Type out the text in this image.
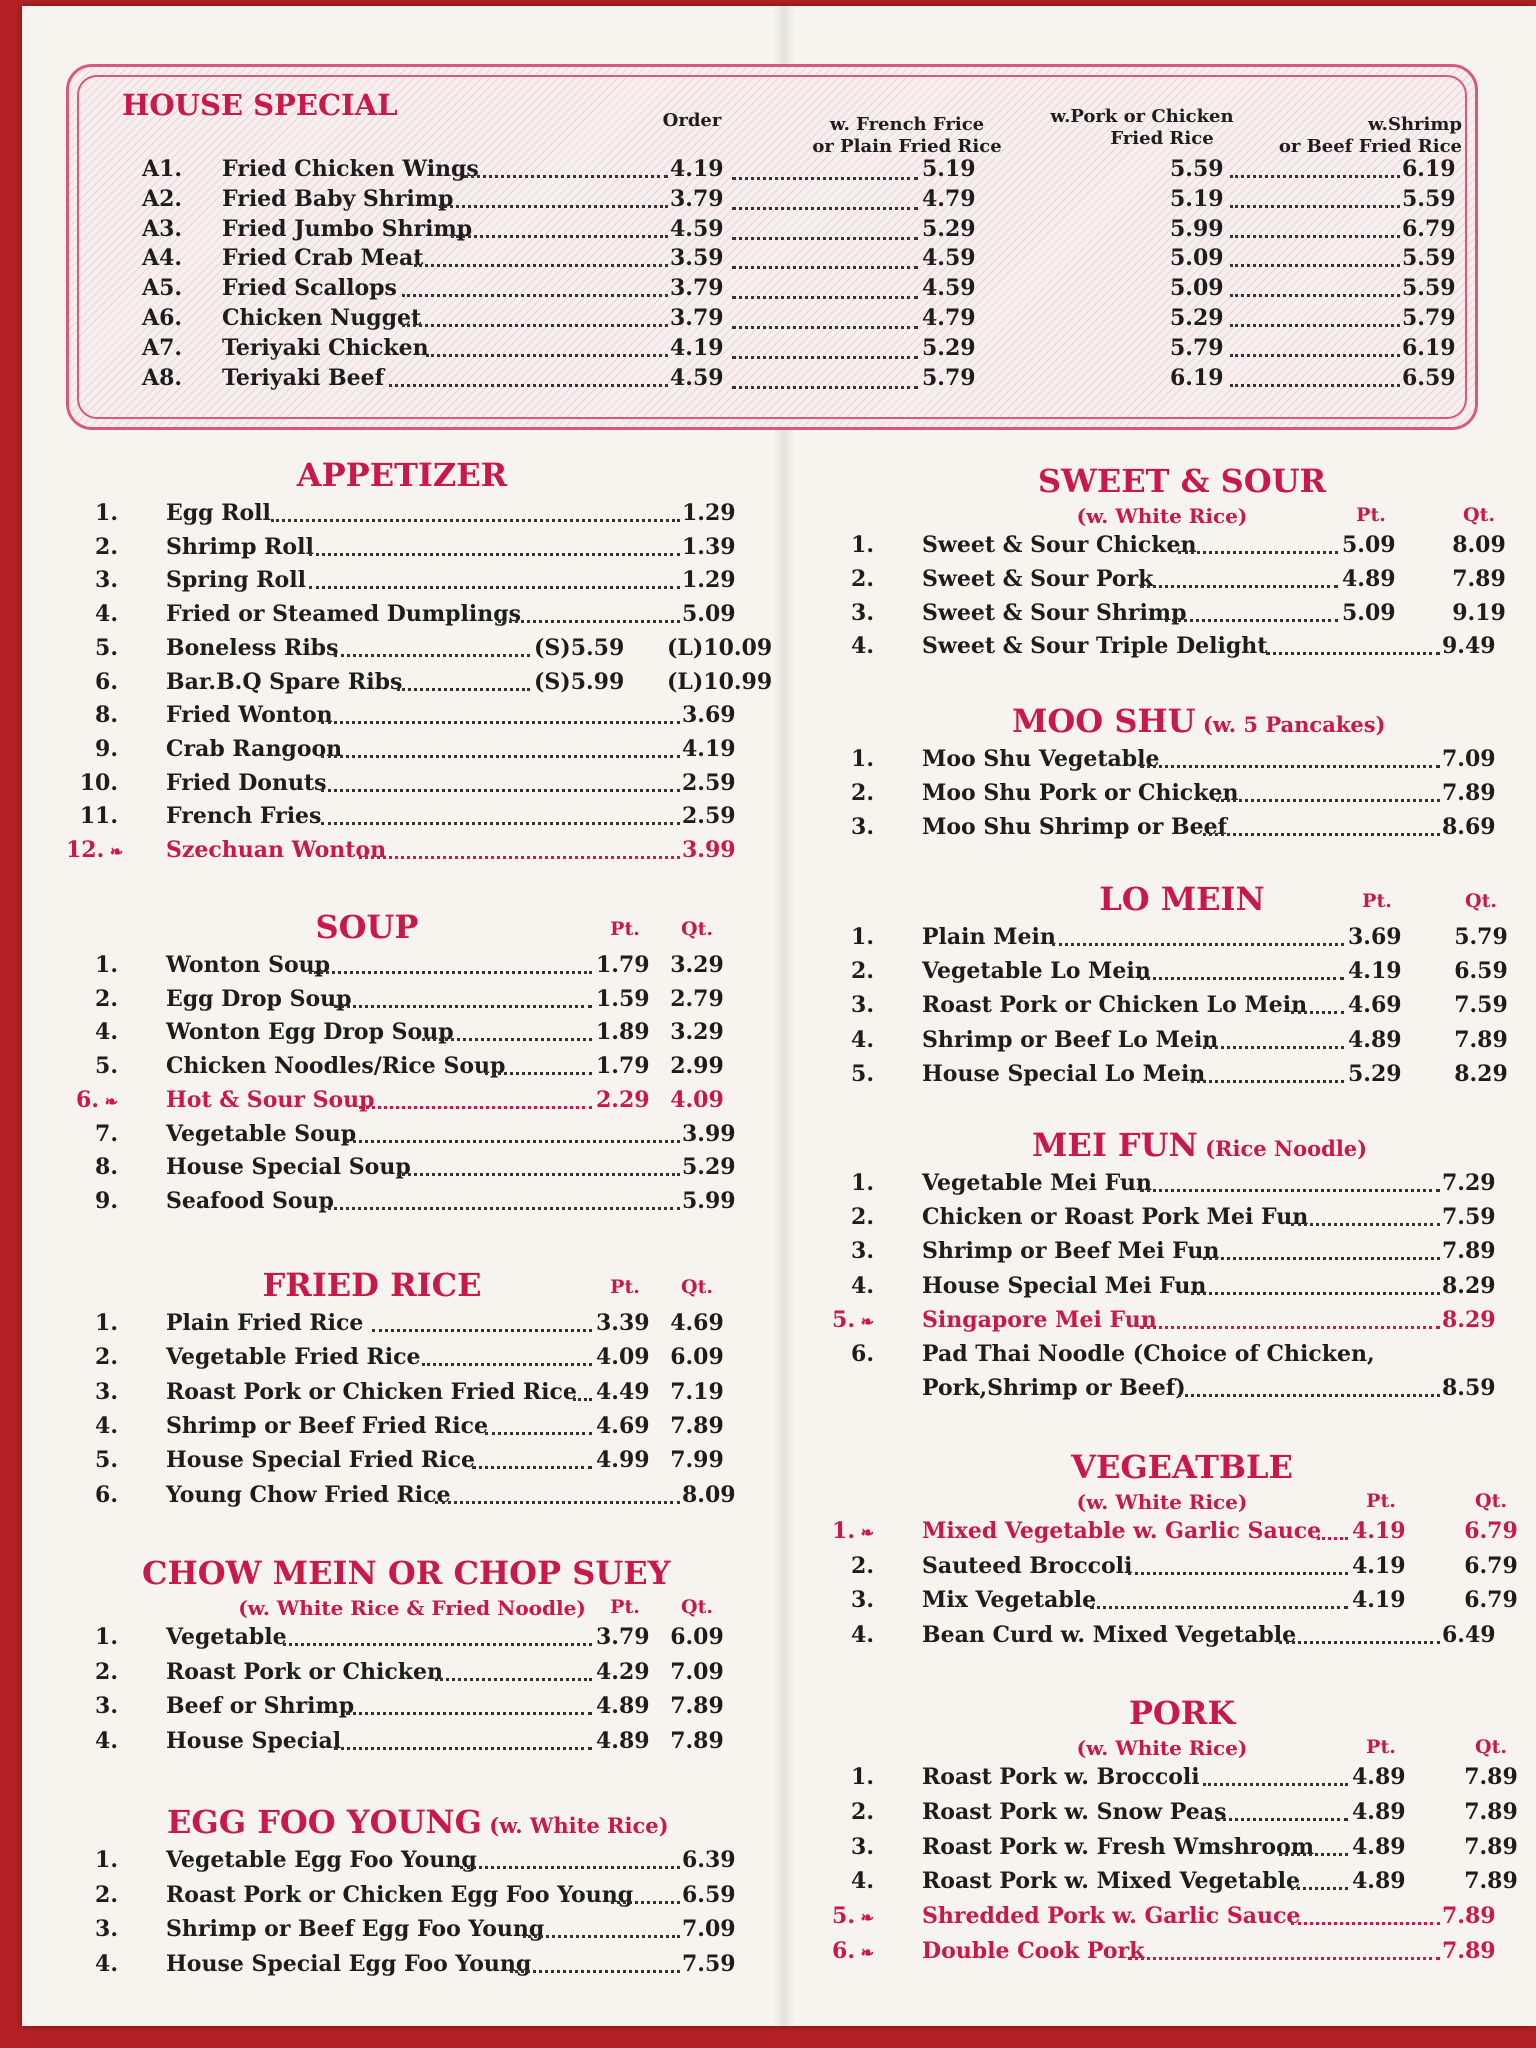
HOUSE SPECIAL	Order	w. French Frice
or Plain Fried Rice
w.Pork or Chicken
Fried Rice
w.Shrimp
or Beef Fried Rice
A1. Fried Chicken Wings	4.19	5.19	5.59	6.19
A2. Fried Baby Shrimp	3.79	4.79	5.19	5.59
A3. Fried Jumbo Shrimp	4.59	5.29	5.99	6.79
A4. Fried Crab Meat	3.59	4.59	5.09	5.59
A5. Fried Scallops	3.79	4.59	5.09	5.59
A6. Chicken Nugget	3.79	4.79	5.29	5.79
A7. Teriyaki Chicken	4.19	5.29	5.79	6.19
A8. Teriyaki Beef	4.59	5.79	6.19	6.59
APPETIZER
1. Egg Roll	1.29
2. Shrimp Roll	1.39
3. Spring Roll	1.29
4. Fried or Steamed Dumplings	5.09
5. Boneless Ribs	(S)5.59 (L)10.09
6. Bar.B.Q Spare Ribs	(S)5.99 (L)10.99
8. Fried Wonton	3.69
9. Crab Rangoon	4.19
10. Fried Donuts	2.59
11. French Fries	2.59
12. ❧ Szechuan Wonton	3.99
SOUP	Pt.	Qt.
1. Wonton Soup	1.79 3.29
2. Egg Drop Soup	1.59 2.79
4. Wonton Egg Drop Soup	1.89 3.29
5. Chicken Noodles/Rice Soup	1.79 2.99
6. ❧ Hot & Sour Soup	2.29 4.09
7. Vegetable Soup	3.99
8. House Special Soup	5.29
9. Seafood Soup	5.99
FRIED RICE	Pt.	Qt.
1. Plain Fried Rice	3.39 4.69
2. Vegetable Fried Rice	4.09 6.09
3. Roast Pork or Chicken Fried Rice 4.49 7.19
4. Shrimp or Beef Fried Rice	4.69 7.89
5. House Special Fried Rice	4.99 7.99
6. Young Chow Fried Rice	8.09
CHOW MEIN OR CHOP SUEY
(w. White Rice & Fried Noodle)	Pt.	Qt.
1. Vegetable	3.79 6.09
2. Roast Pork or Chicken	4.29 7.09
3. Beef or Shrimp	4.89 7.89
4. House Special	4.89 7.89
EGG FOO YOUNG (w. White Rice)
1. Vegetable Egg Foo Young	6.39
2. Roast Pork or Chicken Egg Foo Young 6.59
3. Shrimp or Beef Egg Foo Young	7.09
4. House Special Egg Foo Young	7.59
SWEET & SOUR
(w. White Rice)	Pt.	Qt.
1. Sweet & Sour Chicken	5.09	8.09
2. Sweet & Sour Pork	4.89	7.89
3. Sweet & Sour Shrimp	5.09	9.19
4. Sweet & Sour Triple Delight	9.49
MOO SHU (w. 5 Pancakes)
1. Moo Shu Vegetable	7.09
2. Moo Shu Pork or Chicken	7.89
3. Moo Shu Shrimp or Beef	8.69
LO MEIN	Pt.	Qt.
1. Plain Mein	3.69	5.79
2. Vegetable Lo Mein	4.19	6.59
3. Roast Pork or Chicken Lo Mein 4.69	7.59
4. Shrimp or Beef Lo Mein	4.89	7.89
5. House Special Lo Mein	5.29	8.29
MEI FUN (Rice Noodle)
1. Vegetable Mei Fun	7.29
2. Chicken or Roast Pork Mei Fun	7.59
3. Shrimp or Beef Mei Fun	7.89
4. House Special Mei Fun	8.29
5. ❧ Singapore Mei Fun	8.29
6. Pad Thai Noodle (Choice of Chicken,
Pork,Shrimp or Beef)	8.59
VEGEATBLE
(w. White Rice)	Pt.	Qt.
1. ❧ Mixed Vegetable w. Garlic Sauce 4.19	6.79
2. Sauteed Broccoli	4.19	6.79
3. Mix Vegetable	4.19	6.79
4. Bean Curd w. Mixed Vegetable	6.49
PORK
(w. White Rice)	Pt.	Qt.
1. Roast Pork w. Broccoli	4.89	7.89
2. Roast Pork w. Snow Peas	4.89	7.89
3. Roast Pork w. Fresh Wmshroom 4.89	7.89
4. Roast Pork w. Mixed Vegetable 4.89	7.89
5. ❧ Shredded Pork w. Garlic Sauce	7.89
6. ❧ Double Cook Pork	7.89
